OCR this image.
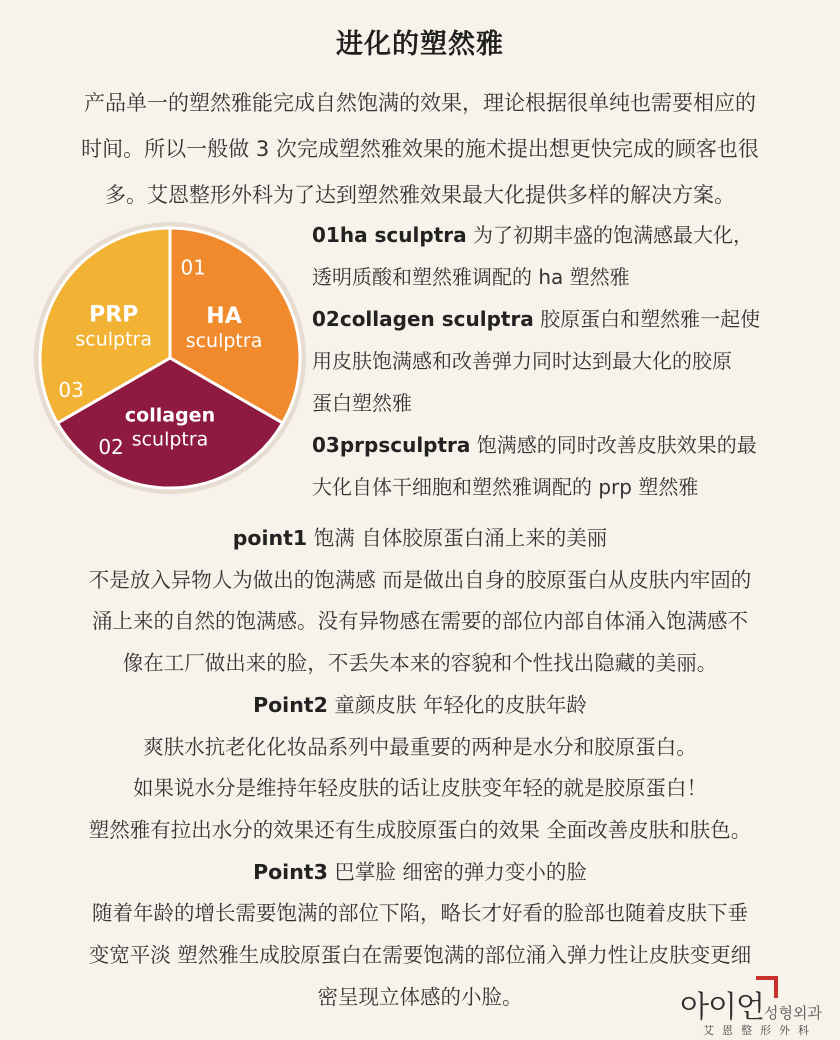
进化的塑然雅
产品单一的塑然雅能完成自然饱满的效果，理论根据很单纯也需要相应的
时间。所以一般做 3 次完成塑然雅效果的施术提出想更快完成的顾客也很
多。艾恩整形外科为了达到塑然雅效果最大化提供多样的解决方案。
HA
sculptra
01
collagen
sculptra
02
PRP
sculptra
03
01ha sculptra 为了初期丰盛的饱满感最大化，
透明质酸和塑然雅调配的 ha 塑然雅
02collagen sculptra 胶原蛋白和塑然雅一起使
用皮肤饱满感和改善弹力同时达到最大化的胶原
蛋白塑然雅
03prpsculptra 饱满感的同时改善皮肤效果的最
大化自体干细胞和塑然雅调配的 prp 塑然雅
point1 饱满 自体胶原蛋白涌上来的美丽
不是放入异物人为做出的饱满感 而是做出自身的胶原蛋白从皮肤内牢固的
涌上来的自然的饱满感。没有异物感在需要的部位内部自体涌入饱满感不
像在工厂做出来的脸，不丢失本来的容貌和个性找出隐藏的美丽。
Point2 童颜皮肤 年轻化的皮肤年龄
爽肤水抗老化化妆品系列中最重要的两种是水分和胶原蛋白。
如果说水分是维持年轻皮肤的话让皮肤变年轻的就是胶原蛋白！
塑然雅有拉出水分的效果还有生成胶原蛋白的效果 全面改善皮肤和肤色。
Point3 巴掌脸 细密的弹力变小的脸
随着年龄的增长需要饱满的部位下陷，略长才好看的脸部也随着皮肤下垂
变宽平淡 塑然雅生成胶原蛋白在需要饱满的部位涌入弹力性让皮肤变更细
密呈现立体感的小脸。	아이언 성형외과
艾恩整形外科
